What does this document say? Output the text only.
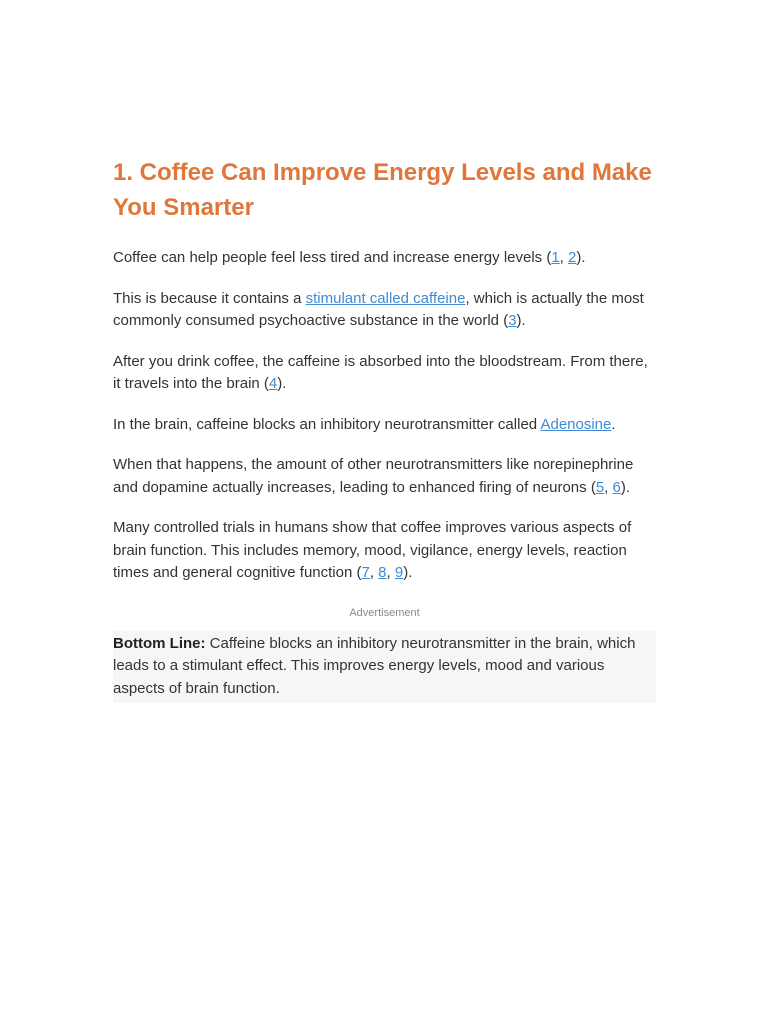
1. Coffee Can Improve Energy Levels and Make You Smarter

Coffee can help people feel less tired and increase energy levels (1, 2).

This is because it contains a stimulant called caffeine, which is actually the most commonly consumed psychoactive substance in the world (3).

After you drink coffee, the caffeine is absorbed into the bloodstream. From there, it travels into the brain (4).

In the brain, caffeine blocks an inhibitory neurotransmitter called Adenosine.

When that happens, the amount of other neurotransmitters like norepinephrine and dopamine actually increases, leading to enhanced firing of neurons (5, 6).

Many controlled trials in humans show that coffee improves various aspects of brain function. This includes memory, mood, vigilance, energy levels, reaction times and general cognitive function (7, 8, 9).

Advertisement
Bottom Line: Caffeine blocks an inhibitory neurotransmitter in the brain, which leads to a stimulant effect. This improves energy levels, mood and various aspects of brain function.
